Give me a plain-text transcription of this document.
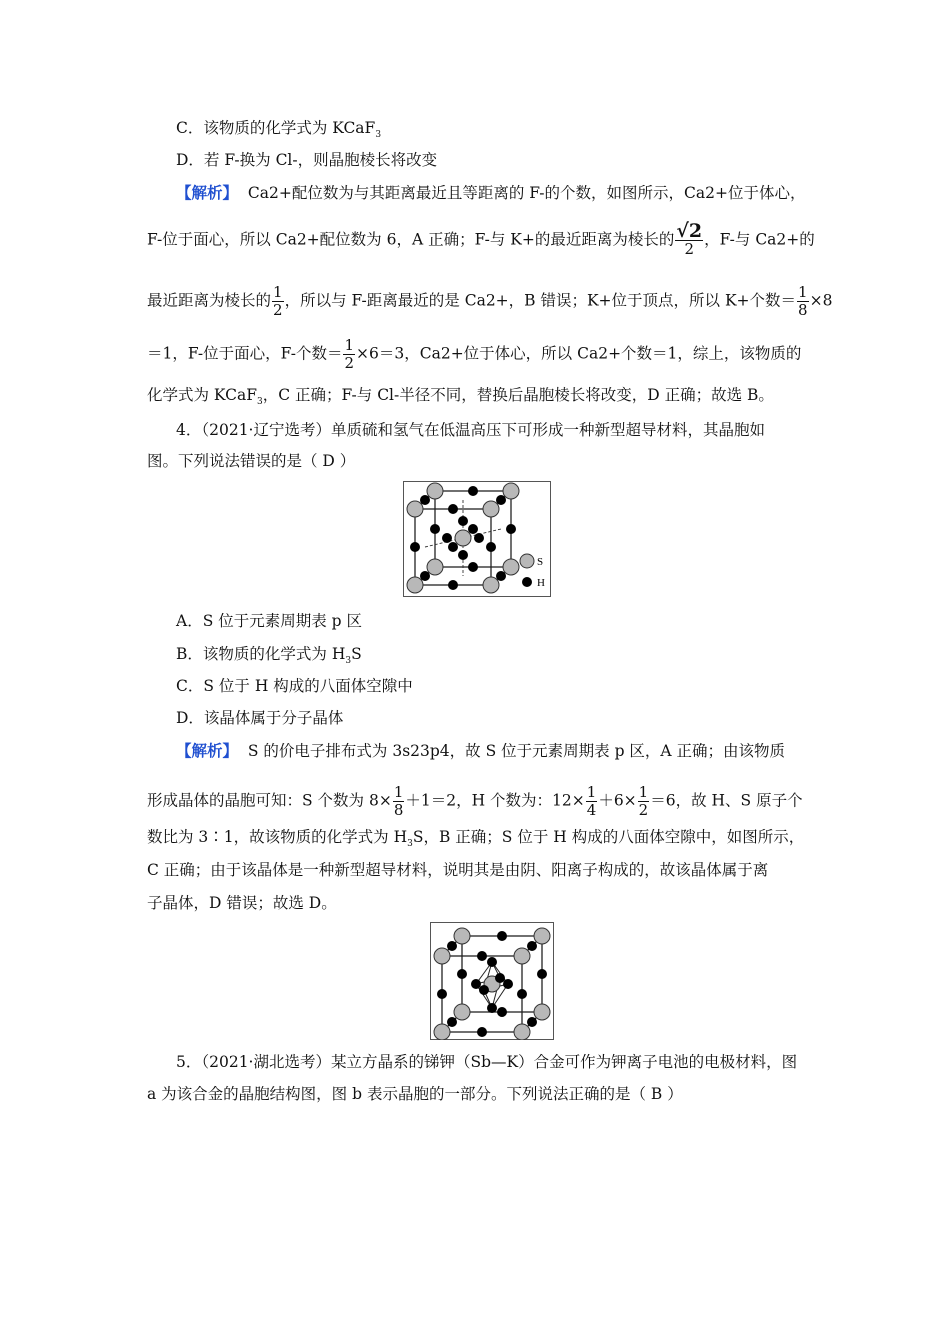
C．该物质的化学式为 KCaF$_3$
D．若 F-换为 Cl-，则晶胞棱长将改变
【解析】 Ca2+配位数为与其距离最近且等距离的 F-的个数，如图所示，Ca2+位于体心，
F-位于面心，所以 Ca2+配位数为 6，A 正确；F-与 K+的最近距离为棱长的 $\frac{√2}{2}$ ，F-与 Ca2+的
最近距离为棱长的 $\frac{1}{2}$ ，所以与 F-距离最近的是 Ca2+，B 错误；K+位于顶点，所以 K+个数＝ $\frac{1}{8} \times 8$
＝1，F-位于面心，F-个数＝ $\frac{1}{2} \times 6=3$，Ca2+位于体心，所以 Ca2+个数＝1，综上，该物质的
化学式为 KCaF$_3$，C 正确；F-与 Cl-半径不同，替换后晶胞棱长将改变，D 正确；故选 B。
4．（2021·辽宁选考）单质硫和氢气在低温高压下可形成一种新型超导材料，其晶胞如
图。下列说法错误的是（ D ）
S
H
A．S 位于元素周期表 p 区
B．该物质的化学式为 $H_3S$
C．S 位于 H 构成的八面体空隙中
D．该晶体属于分子晶体
【解析】 S 的价电子排布式为 3s23p4，故 S 位于元素周期表 p 区，A 正确；由该物质
形成晶体的晶胞可知：S 个数为 $8\times \frac{1}{8} +1=2$，H 个数为：$12\times \frac{1}{4} +6\times \frac{1}{2} =6$，故 H、S 原子个
数比为 3∶1，故该物质的化学式为 $H_3S$，B 正确；S 位于 H 构成的八面体空隙中，如图所示，
C 正确；由于该晶体是一种新型超导材料，说明其是由阴、阳离子构成的，故该晶体属于离
子晶体，D 错误；故选 D。
5．（2021·湖北选考）某立方晶系的锑钾（Sb—K）合金可作为钾离子电池的电极材料，图
a 为该合金的晶胞结构图，图 b 表示晶胞的一部分。下列说法正确的是（ B ）
